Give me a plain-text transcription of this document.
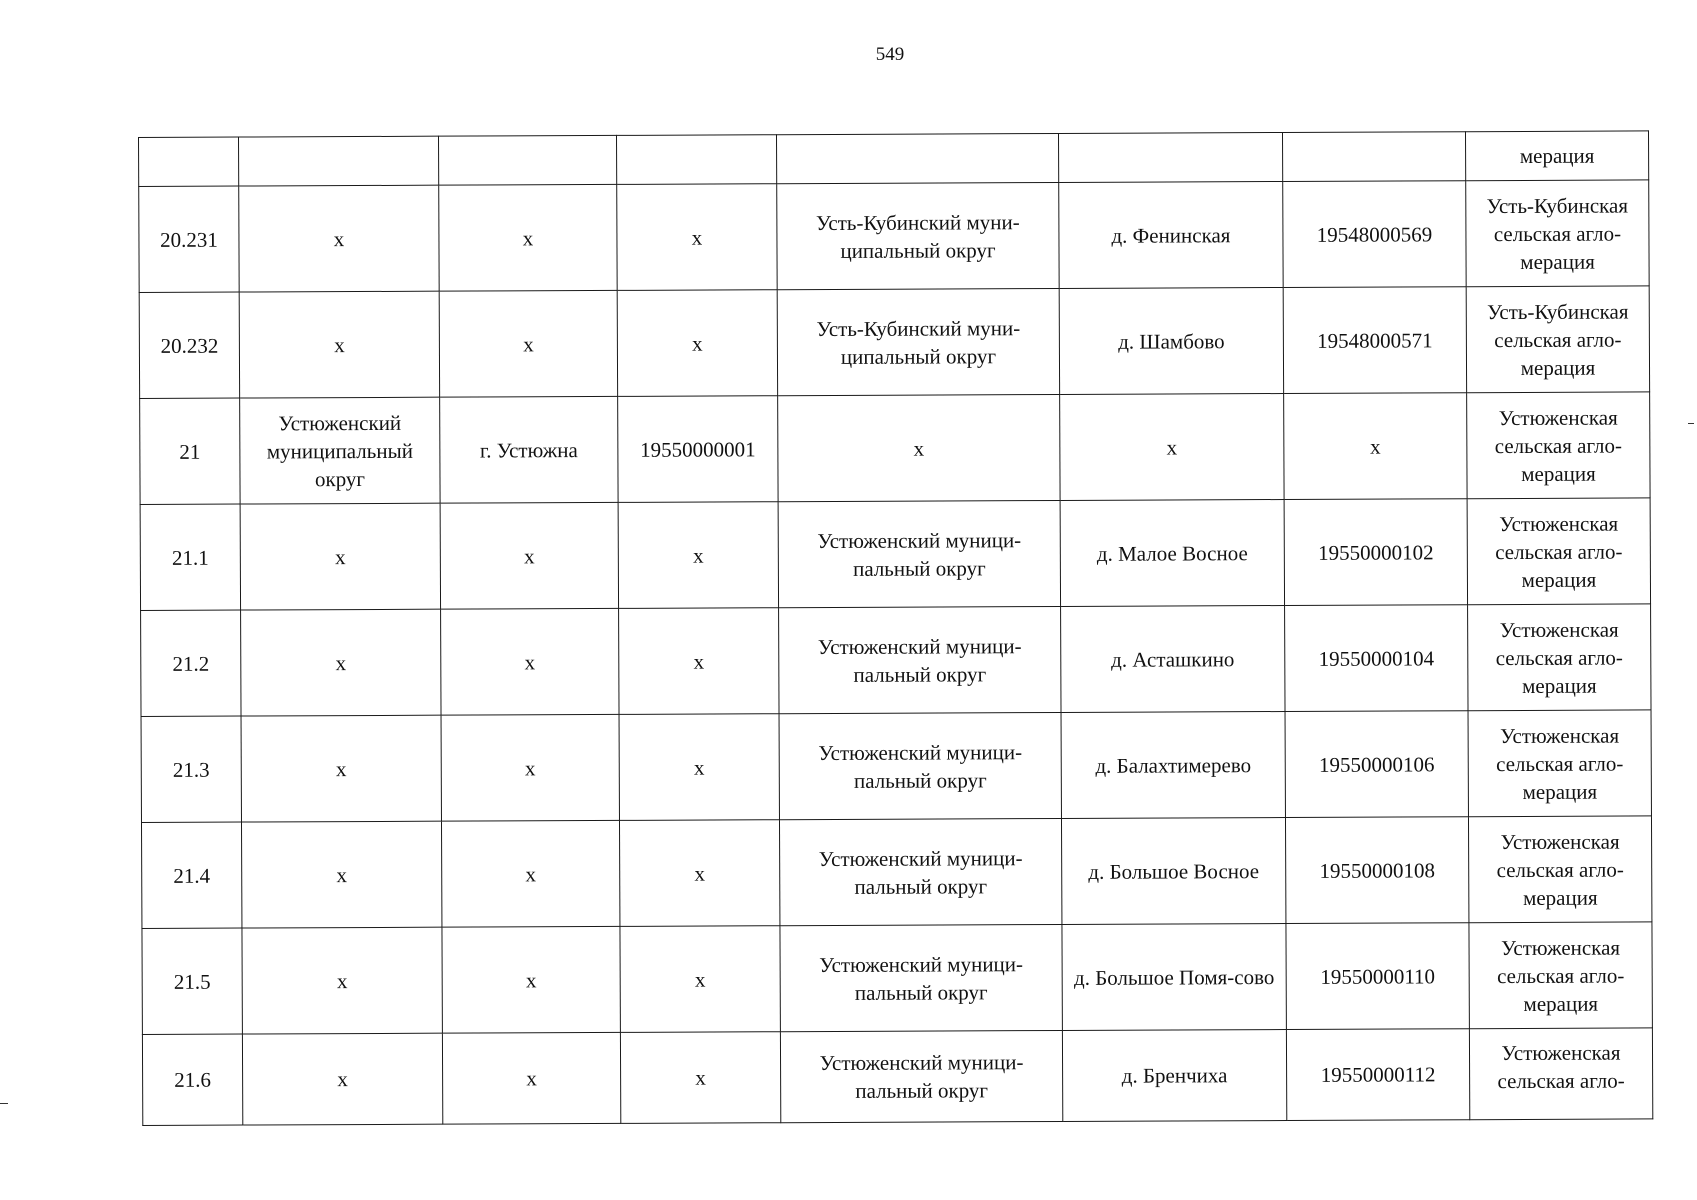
549
							мерация
20.231	х	х	х	Усть-Кубинский муни-ципальный округ	д. Фенинская	19548000569	Усть-Кубинская сельская агло-мерация
20.232	х	х	х	Усть-Кубинский муни-ципальный округ	д. Шамбово	19548000571	Усть-Кубинская сельская агло-мерация
21	Устюженский муниципальный округ	г. Устюжна	19550000001	х	х	х	Устюженская сельская агло-мерация
21.1	х	х	х	Устюженский муници-пальный округ	д. Малое Восное	19550000102	Устюженская сельская агло-мерация
21.2	х	х	х	Устюженский муници-пальный округ	д. Асташкино	19550000104	Устюженская сельская агло-мерация
21.3	х	х	х	Устюженский муници-пальный округ	д. Балахтимерево	19550000106	Устюженская сельская агло-мерация
21.4	х	х	х	Устюженский муници-пальный округ	д. Большое Восное	19550000108	Устюженская сельская агло-мерация
21.5	х	х	х	Устюженский муници-пальный округ	д. Большое Помя-сово	19550000110	Устюженская сельская агло-мерация
21.6	х	х	х	Устюженский муници-пальный округ	д. Бренчиха	19550000112	Устюженская сельская агло-
